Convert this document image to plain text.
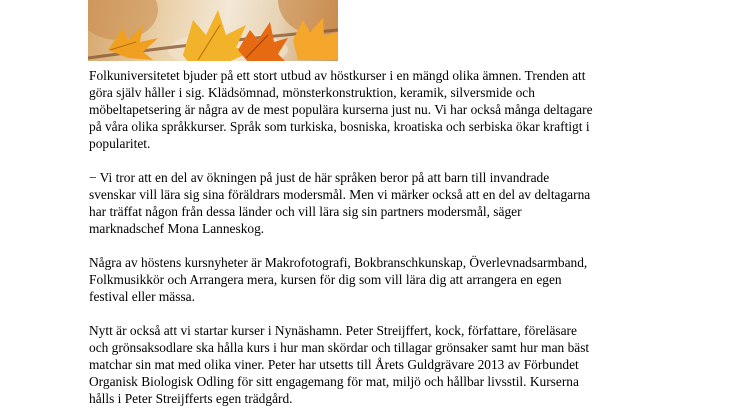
Folkuniversitetet bjuder på ett stort utbud av höstkurser i en mängd olika ämnen. Trenden att
göra själv håller i sig. Klädsömnad, mönsterkonstruktion, keramik, silversmide och
möbeltapetsering är några av de mest populära kurserna just nu. Vi har också många deltagare
på våra olika språkkurser. Språk som turkiska, bosniska, kroatiska och serbiska ökar kraftigt i
popularitet.

− Vi tror att en del av ökningen på just de här språken beror på att barn till invandrade
svenskar vill lära sig sina föräldrars modersmål. Men vi märker också att en del av deltagarna
har träffat någon från dessa länder och vill lära sig sin partners modersmål, säger
marknadschef Mona Lanneskog.

Några av höstens kursnyheter är Makrofotografi, Bokbranschkunskap, Överlevnadsarmband,
Folkmusikkör och Arrangera mera, kursen för dig som vill lära dig att arrangera en egen
festival eller mässa.

Nytt är också att vi startar kurser i Nynäshamn. Peter Streijffert, kock, författare, föreläsare
och grönsaksodlare ska hålla kurs i hur man skördar och tillagar grönsaker samt hur man bäst
matchar sin mat med olika viner. Peter har utsetts till Årets Guldgrävare 2013 av Förbundet
Organisk Biologisk Odling för sitt engagemang för mat, miljö och hållbar livsstil. Kurserna
hålls i Peter Streijfferts egen trädgård.
